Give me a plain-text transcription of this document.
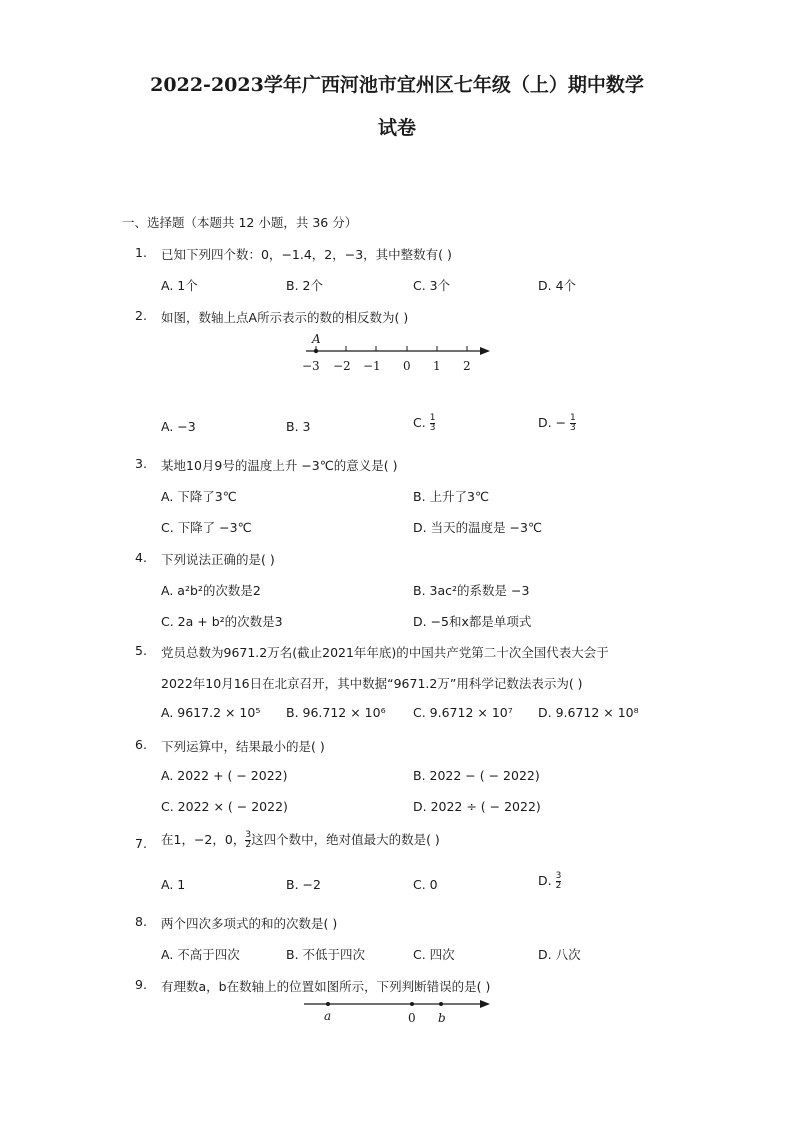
2022-2023学年广西河池市宜州区七年级（上）期中数学
试卷
一、选择题（本题共 12 小题，共 36 分）
1. 已知下列四个数：0，−1.4，2，−3，其中整数有( )
A. 1个	B. 2个	C. 3个	D. 4个
2. 如图，数轴上点A所示表示的数的相反数为( )
A
−3 −2 −1 0 1 2
A. −3	B. 3	C. $\frac{1}{3}$	D. − $\frac{1}{3}$
3. 某地10月9号的温度上升 −3℃的意义是( )
A. 下降了3℃	B. 上升了3℃
C. 下降了 −3℃	D. 当天的温度是 −3℃
4. 下列说法正确的是( )
A. a²b²的次数是2	B. 3ac²的系数是 −3
C. 2a + b²的次数是3	D. −5和x都是单项式
5. 党员总数为9671.2万名(截止2021年年底)的中国共产党第二十次全国代表大会于
2022年10月16日在北京召开，其中数据“9671.2万”用科学记数法表示为( )
A. 9617.2 × 10⁵ B. 96.712 × 10⁶ C. 9.6712 × 10⁷ D. 9.6712 × 10⁸
6. 下列运算中，结果最小的是( )
A. 2022 + ( − 2022)	B. 2022 − ( − 2022)
C. 2022 × ( − 2022)	D. 2022 ÷ ( − 2022)
7. 在1，−2，0， $\frac{3}{2}$ 这四个数中，绝对值最大的数是( )
A. 1	B. −2	C. 0	D. $\frac{3}{2}$
8. 两个四次多项式的和的次数是( )
A. 不高于四次	B. 不低于四次	C. 四次	D. 八次
9. 有理数a，b在数轴上的位置如图所示，下列判断错误的是( )
a	0 b
